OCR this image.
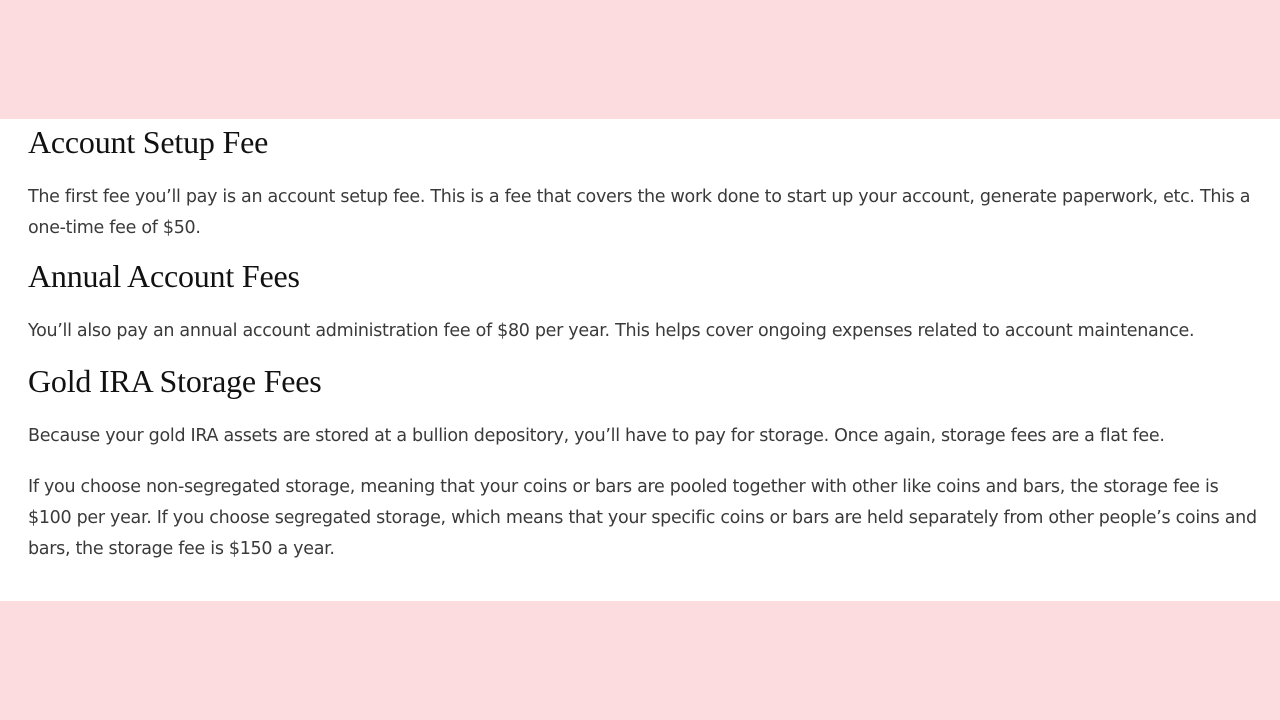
Account Setup Fee

The first fee you’ll pay is an account setup fee. This is a fee that covers the work done to start up your account, generate paperwork, etc. This a one-time fee of $50.

Annual Account Fees

You’ll also pay an annual account administration fee of $80 per year. This helps cover ongoing expenses related to account maintenance.

Gold IRA Storage Fees

Because your gold IRA assets are stored at a bullion depository, you’ll have to pay for storage. Once again, storage fees are a flat fee.

If you choose non-segregated storage, meaning that your coins or bars are pooled together with other like coins and bars, the storage fee is $100 per year. If you choose segregated storage, which means that your specific coins or bars are held separately from other people’s coins and bars, the storage fee is $150 a year.
